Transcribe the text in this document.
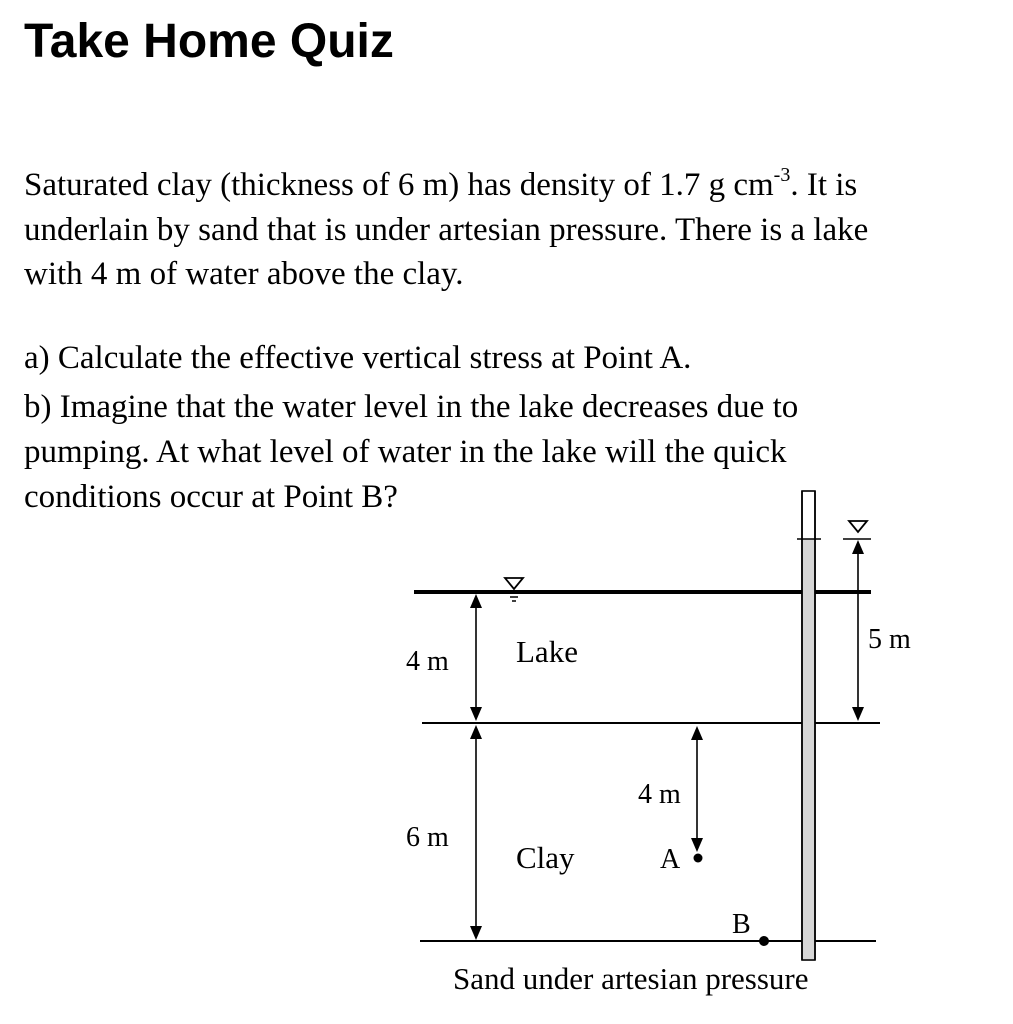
Take Home Quiz
Saturated clay (thickness of 6 m) has density of 1.7 g $cm^{-3}$. It is
underlain by sand that is under artesian pressure. There is a lake
with 4 m of water above the clay.
a) Calculate the effective vertical stress at Point A.
b) Imagine that the water level in the lake decreases due to
pumping. At what level of water in the lake will the quick
conditions occur at Point B?
4 m Lake
6 m
Clay
4 m
A
B
5 m
Sand under artesian pressure
